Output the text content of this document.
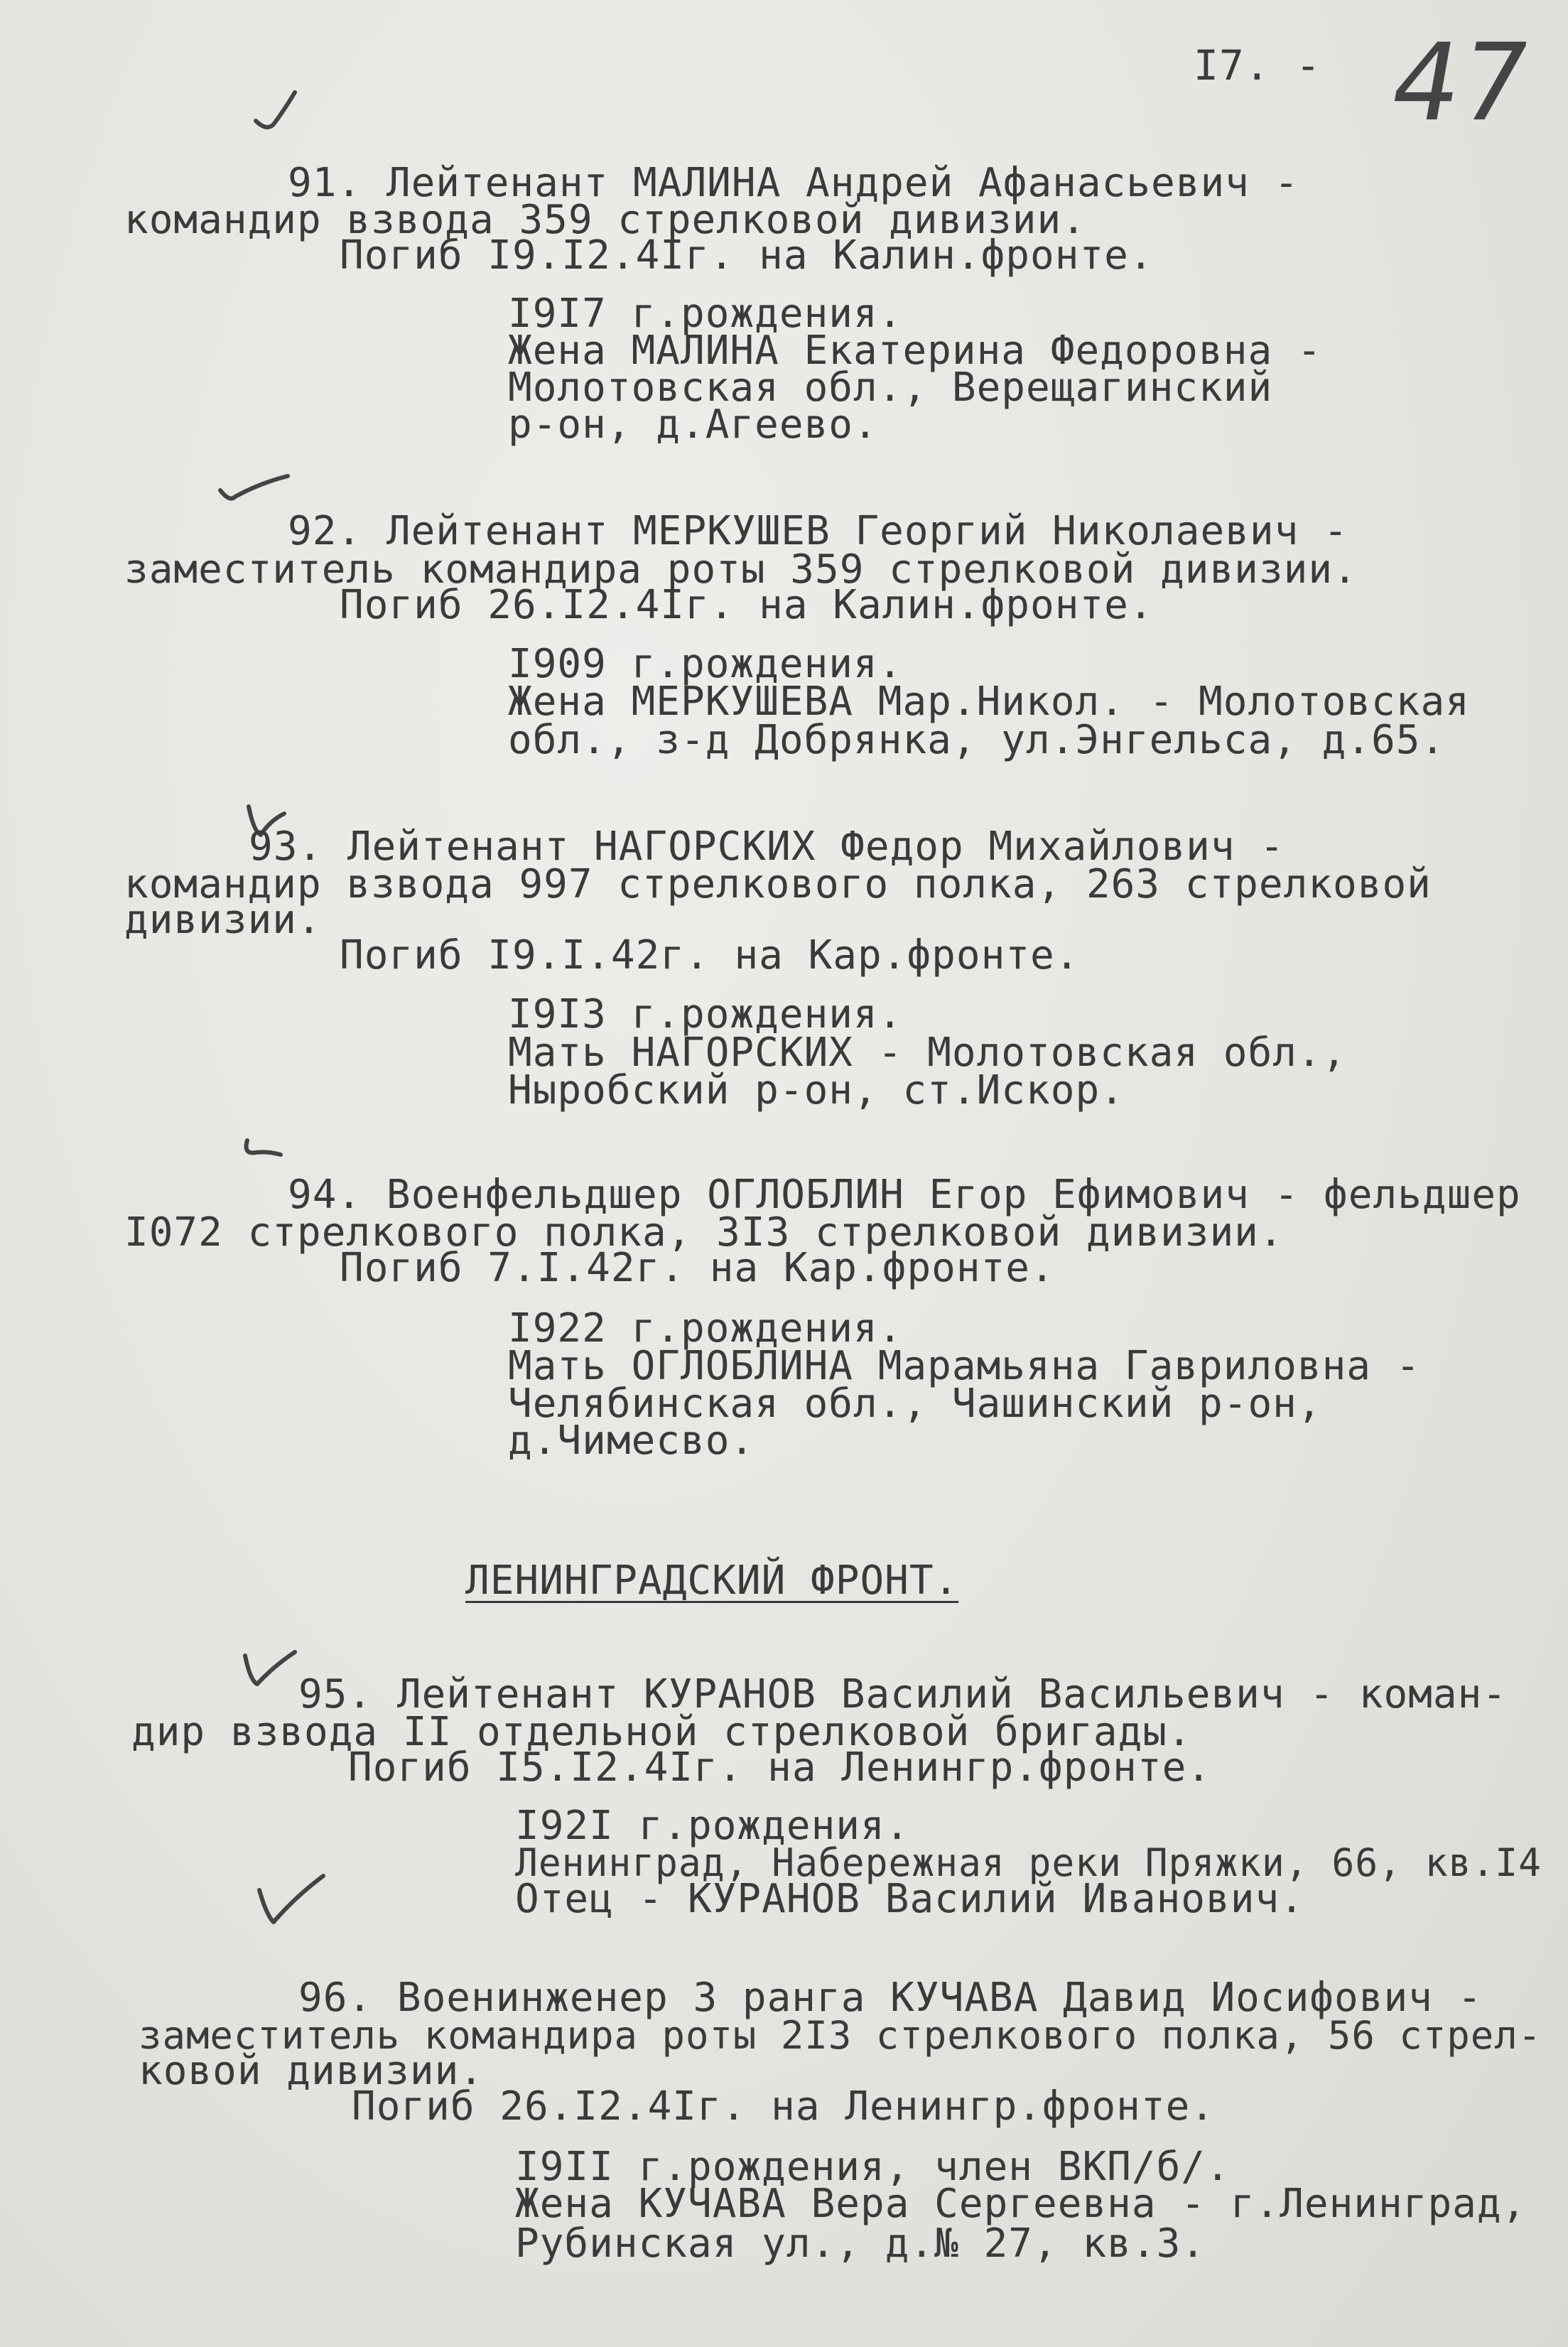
I7. - 47
91. Лейтенант МАЛИНА Андрей Афанасьевич -
командир взвода 359 стрелковой дивизии.
Погиб I9.I2.4Iг. на Калин.фронте.
I9I7 г.рождения.
Жена МАЛИНА Екатерина Федоровна -
Молотовская обл., Верещагинский
р-он, д.Агеево.
92. Лейтенант МЕРКУШЕВ Георгий Николаевич -
заместитель командира роты 359 стрелковой дивизии.
Погиб 26.I2.4Iг. на Калин.фронте.
I909 г.рождения.
Жена МЕРКУШЕВА Мар.Никол. - Молотовская
обл., з-д Добрянка, ул.Энгельса, д.65.
93. Лейтенант НАГОРСКИХ Федор Михайлович -
командир взвода 997 стрелкового полка, 263 стрелковой
дивизии.
Погиб I9.I.42г. на Кар.фронте.
I9I3 г.рождения.
Мать НАГОРСКИХ - Молотовская обл.,
Ныробский р-он, ст.Искор.
94. Военфельдшер ОГЛОБЛИН Егор Ефимович - фельдшер
I072 стрелкового полка, 3I3 стрелковой дивизии.
Погиб 7.I.42г. на Кар.фронте.
I922 г.рождения.
Мать ОГЛОБЛИНА Марамьяна Гавриловна -
Челябинская обл., Чашинский р-он,
д.Чимесво.
ЛЕНИНГРАДСКИЙ ФРОНТ.
95. Лейтенант КУРАНОВ Василий Васильевич - коман-
дир взвода II отдельной стрелковой бригады.
Погиб I5.I2.4Iг. на Ленингр.фронте.
I92I г.рождения.
Ленинград, Набережная реки Пряжки, 66, кв.I4
Отец - КУРАНОВ Василий Иванович.
96. Военинженер 3 ранга КУЧАВА Давид Иосифович -
заместитель командира роты 2I3 стрелкового полка, 56 стрел-
ковой дивизии.
Погиб 26.I2.4Iг. на Ленингр.фронте.
I9II г.рождения, член ВКП/б/.
Жена КУЧАВА Вера Сергеевна - г.Ленинград,
Рубинская ул., д.№ 27, кв.3.
